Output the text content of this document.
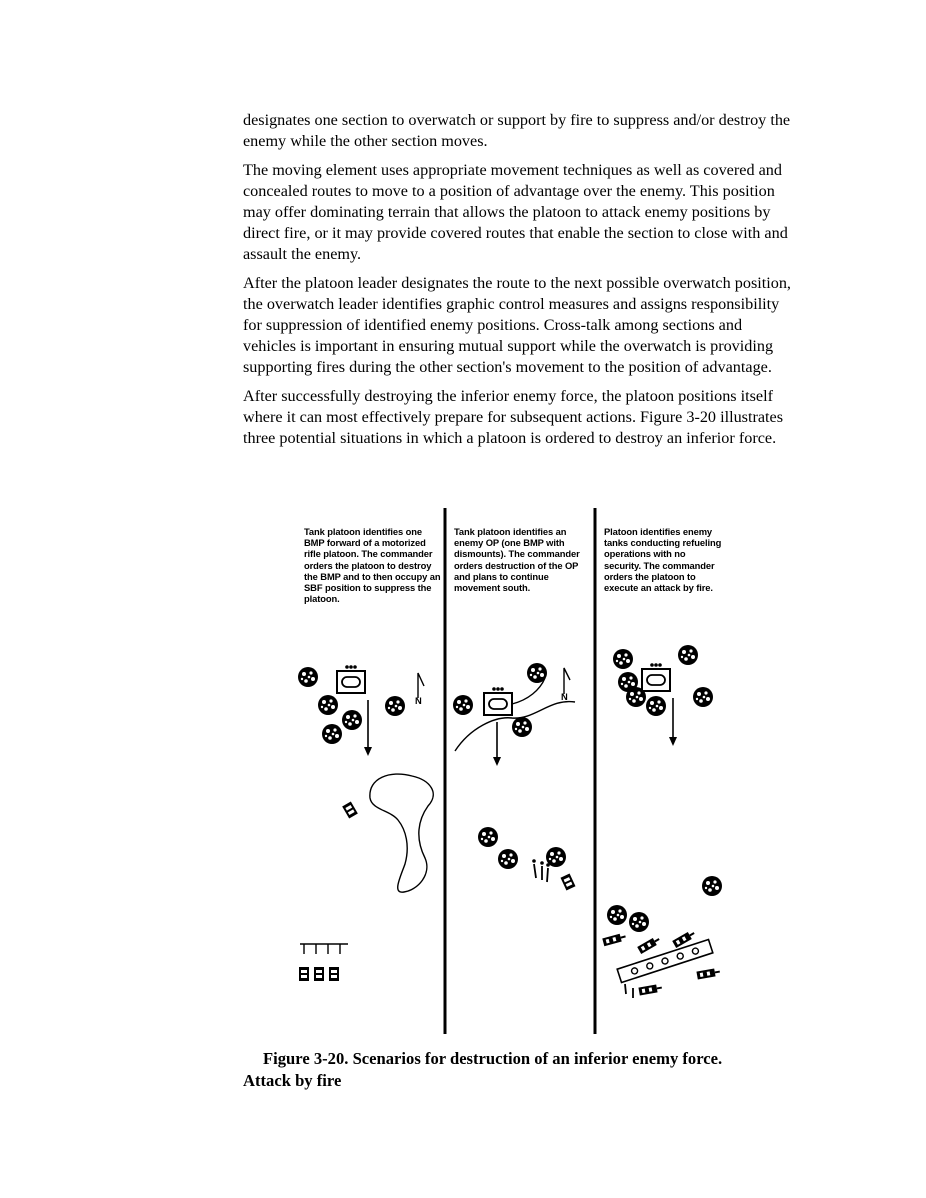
designates one section to overwatch or support by fire to suppress and/or destroy the enemy while the other section moves.

The moving element uses appropriate movement techniques as well as covered and concealed routes to move to a position of advantage over the enemy. This position may offer dominating terrain that allows the platoon to attack enemy positions by direct fire, or it may provide covered routes that enable the section to close with and assault the enemy.

After the platoon leader designates the route to the next possible overwatch position, the overwatch leader identifies graphic control measures and assigns responsibility for suppression of identified enemy positions. Cross-talk among sections and vehicles is important in ensuring mutual support while the overwatch is providing supporting fires during the other section's movement to the position of advantage.

After successfully destroying the inferior enemy force, the platoon positions itself where it can most effectively prepare for subsequent actions. Figure 3-20 illustrates three potential situations in which a platoon is ordered to destroy an inferior force.

Tank platoon identifies one BMP forward of a motorized rifle platoon. The commander orders the platoon to destroy the BMP and to then occupy an SBF position to suppress the platoon.
Tank platoon identifies an enemy OP (one BMP with dismounts). The commander orders destruction of the OP and plans to continue movement south.
Platoon identifies enemy tanks conducting refueling operations with no security. The commander orders the platoon to execute an attack by fire.
N	N
Figure 3-20. Scenarios for destruction of an inferior enemy force.
Attack by fire
